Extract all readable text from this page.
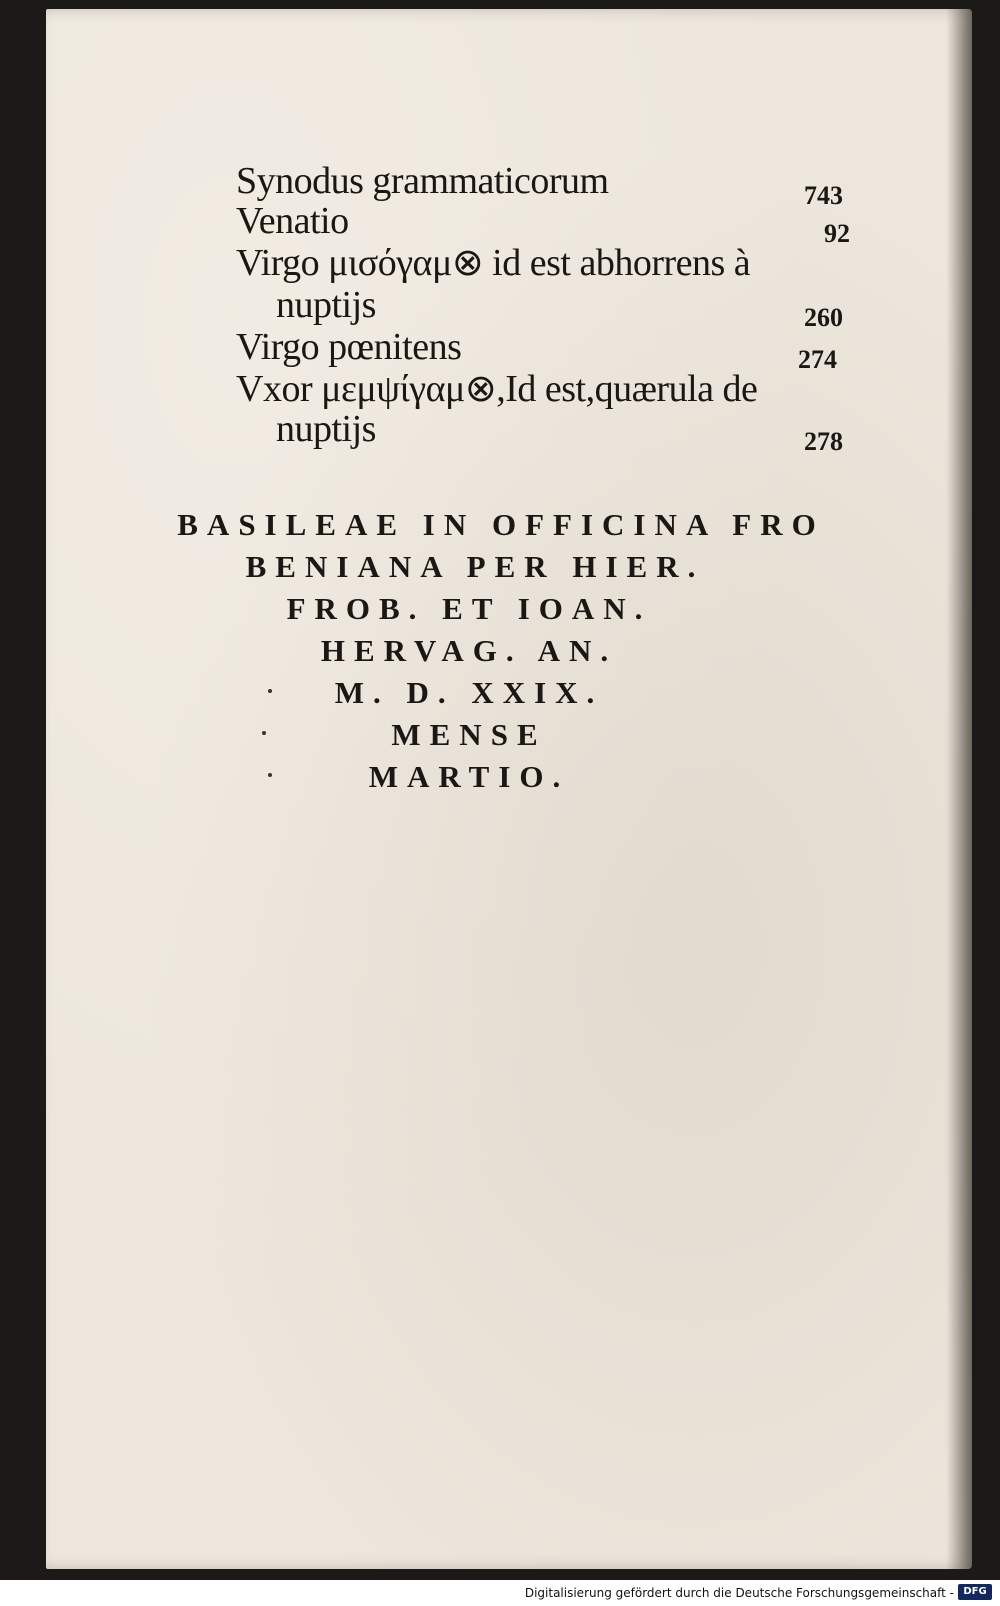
Synodus grammaticorum	743
Venatio	92
Virgo μισόγαμ⊗ id est abhorrens à
nuptijs	260
Virgo pœnitens	274
Vxor μεμψίγαμ⊗,Id est,quærula de
nuptijs	278
BASILEAE IN OFFICINA FRO
BENIANA PER HIER.
FROB. ET IOAN.
HERVAG. AN.
M. D. XXIX.
MENSE
MARTIO.
Digitalisierung gefördert durch die Deutsche Forschungsgemeinschaft - DFG
